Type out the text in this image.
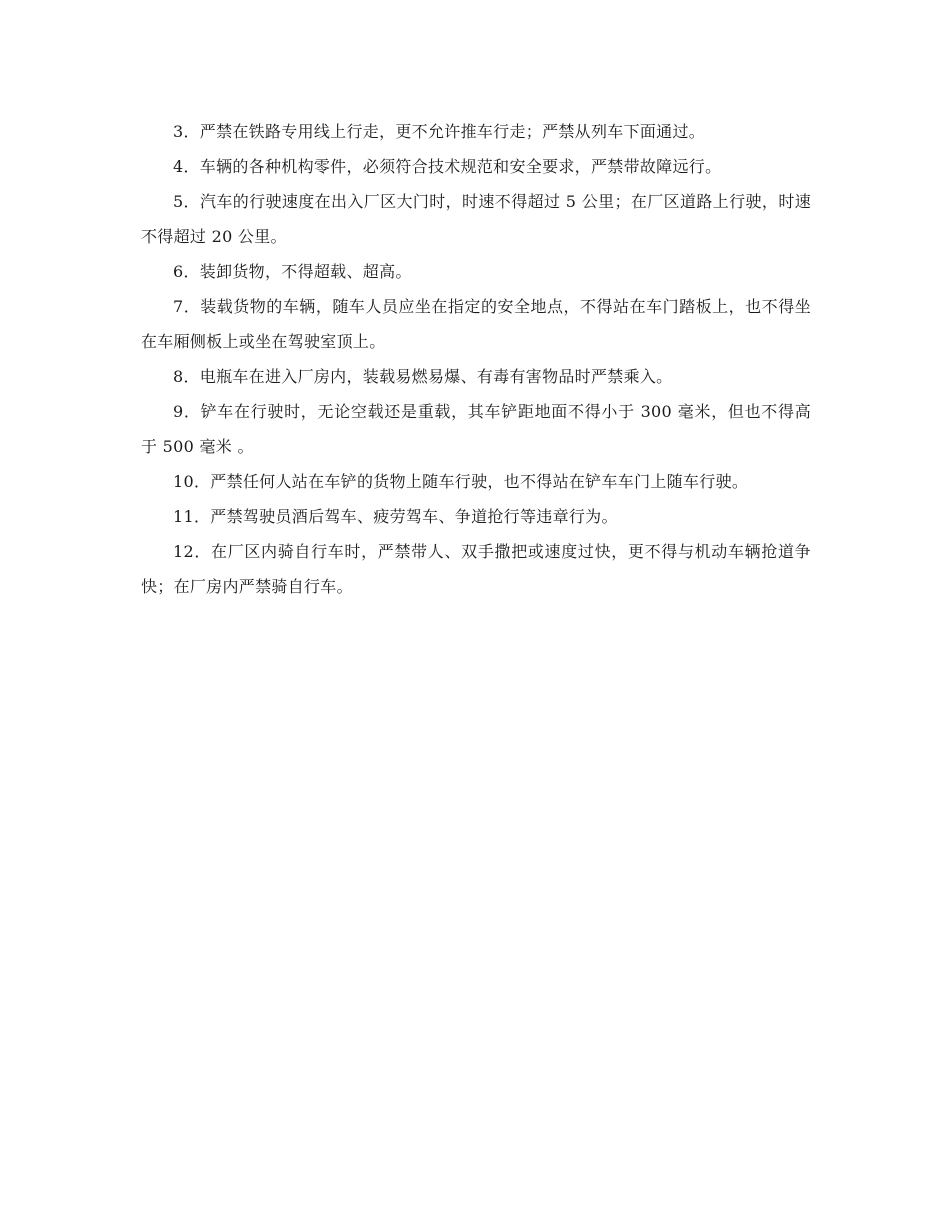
3．严禁在铁路专用线上行走，更不允许推车行走；严禁从列车下面通过。

4．车辆的各种机构零件，必须符合技术规范和安全要求，严禁带故障远行。

5．汽车的行驶速度在出入厂区大门时，时速不得超过 5 公里；在厂区道路上行驶，时速不得超过 20 公里。

6．装卸货物，不得超载、超高。

7．装载货物的车辆，随车人员应坐在指定的安全地点，不得站在车门踏板上，也不得坐在车厢侧板上或坐在驾驶室顶上。

8．电瓶车在进入厂房内，装载易燃易爆、有毒有害物品时严禁乘入。

9．铲车在行驶时，无论空载还是重载，其车铲距地面不得小于 300 毫米，但也不得高于 500 毫米 。

10．严禁任何人站在车铲的货物上随车行驶，也不得站在铲车车门上随车行驶。

11．严禁驾驶员酒后驾车、疲劳驾车、争道抢行等违章行为。

12．在厂区内骑自行车时，严禁带人、双手撒把或速度过快，更不得与机动车辆抢道争快；在厂房内严禁骑自行车。
